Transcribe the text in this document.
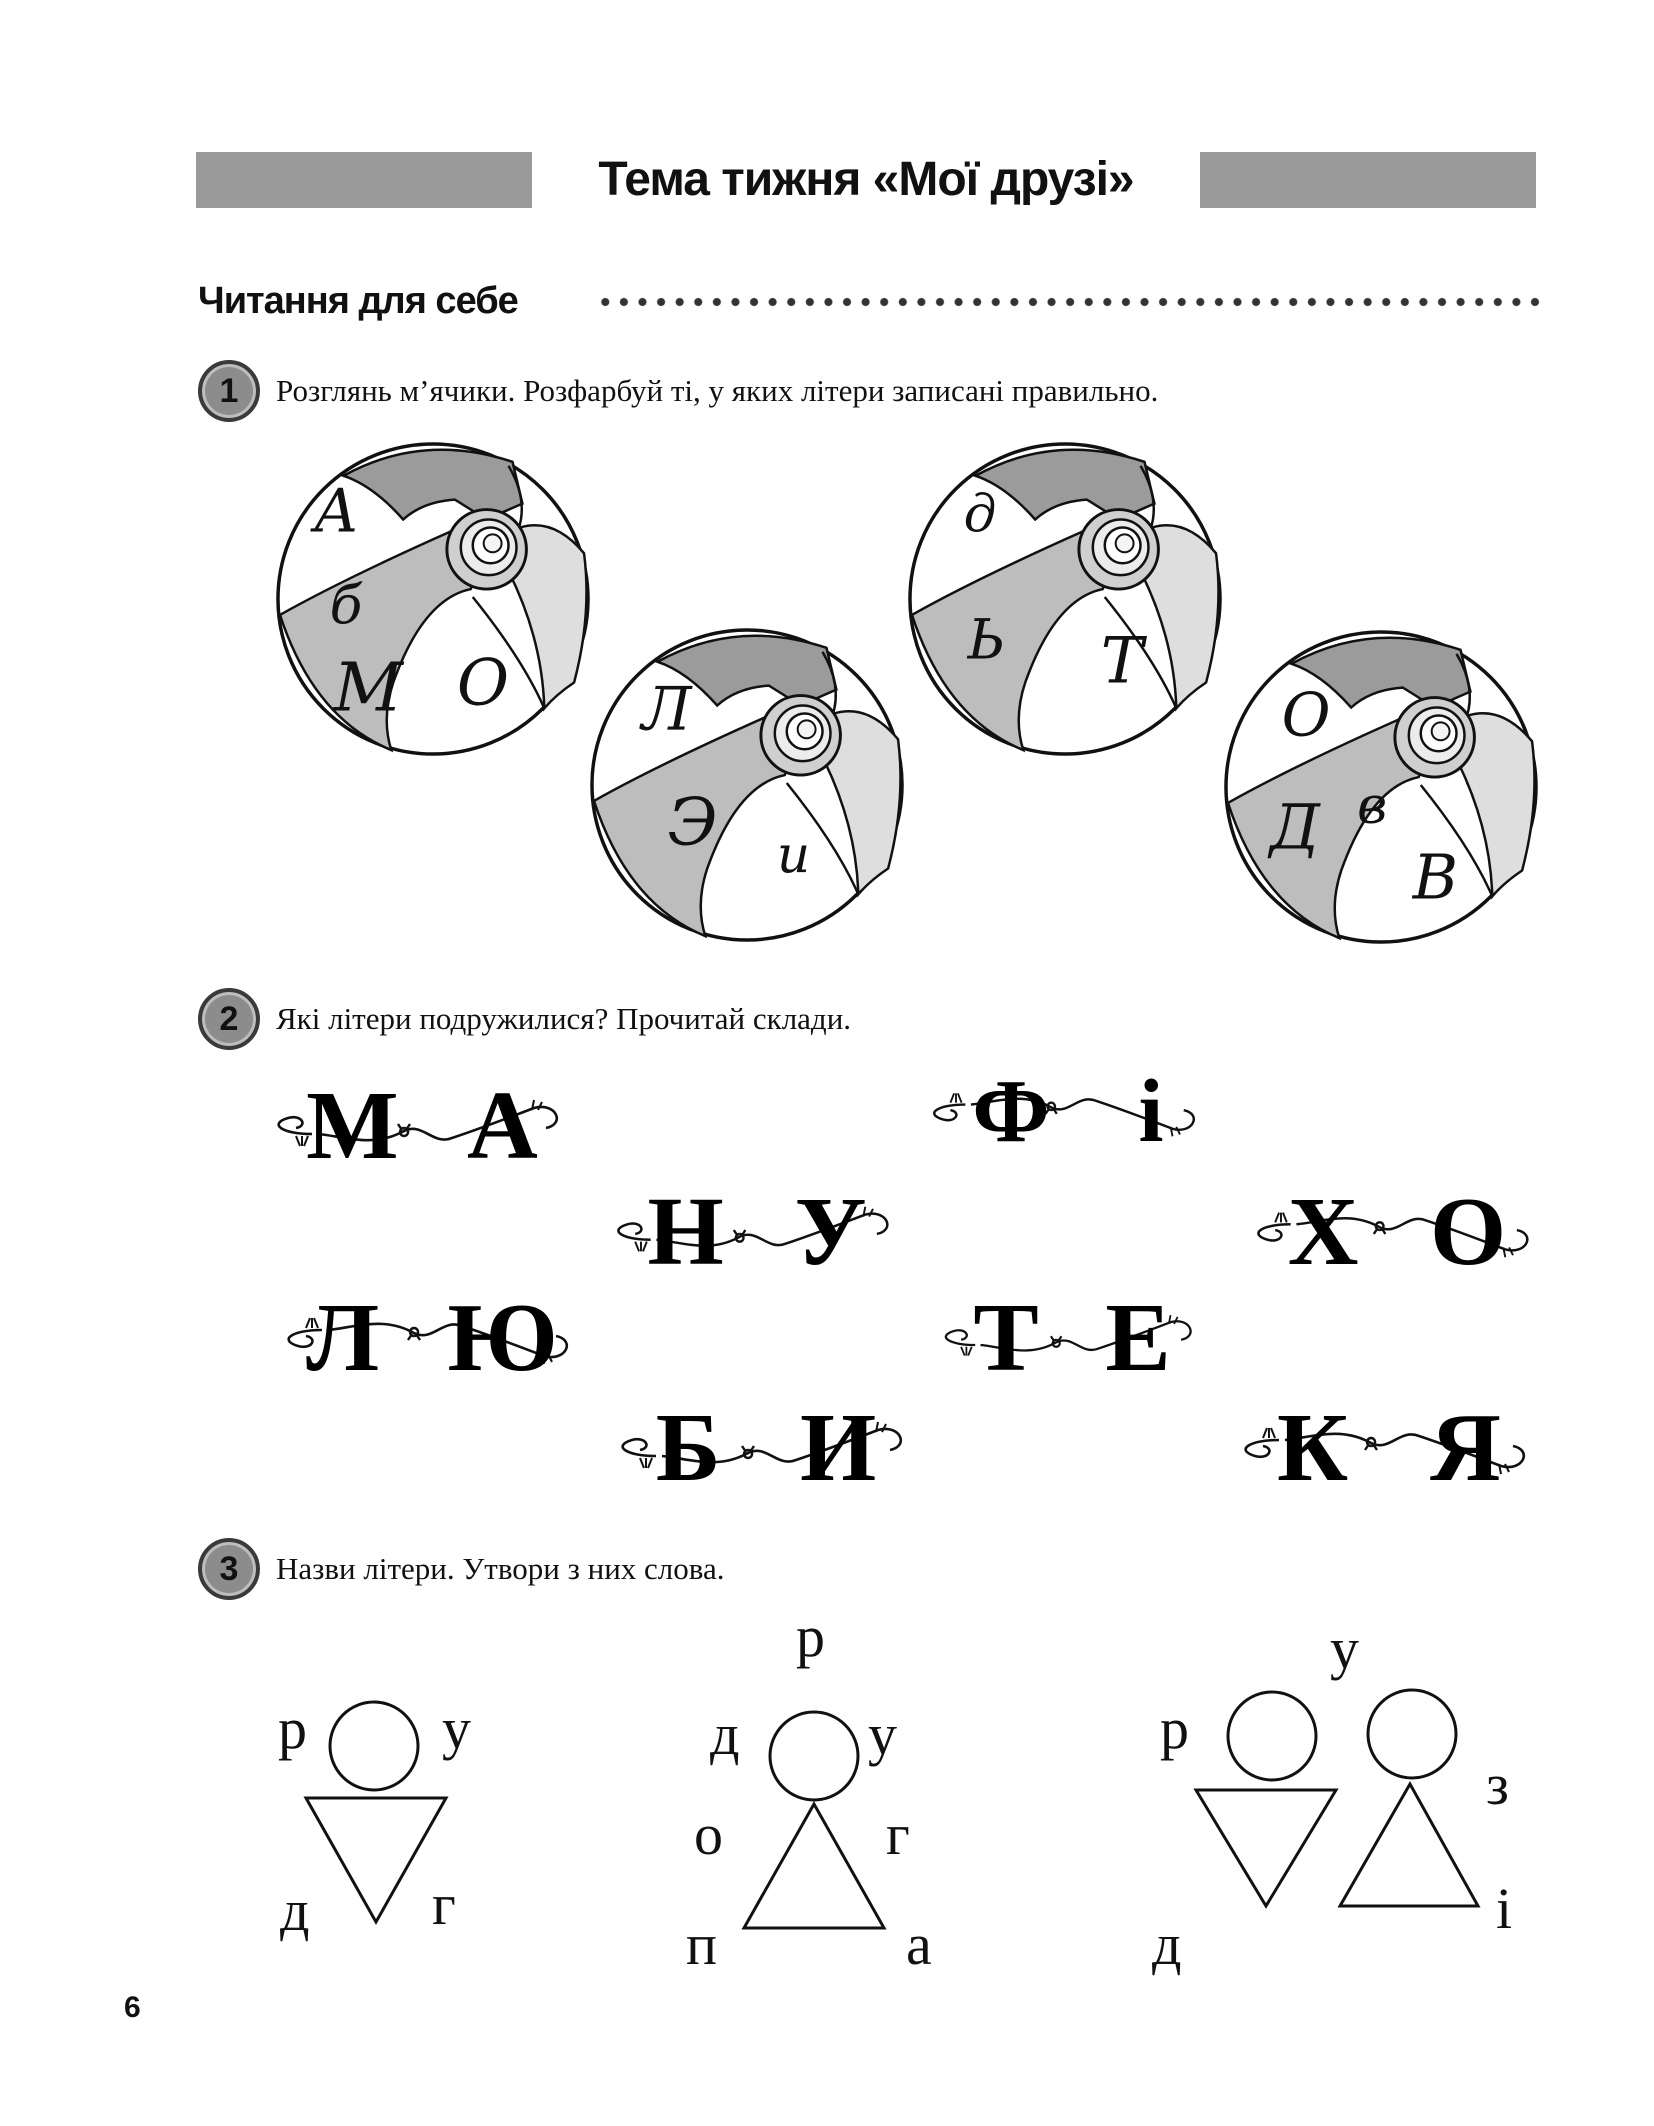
Тема тижня «Мої друзі»
Читання для себе
1	Розглянь м’ячики. Розфарбуй ті, у яких літери записані правильно.
А
б
М О Л
Э и
д
Ь Т
О
Д в
В
2	Які літери подружилися? Прочитай склади.
М А	Ф і
Н У	Х О
Л Ю	Т Е
Б И	К Я
3	Назви літери. Утвори з них слова.
р у
д г
р
д у
о	г
п	а
у
р
з
д
і
6
